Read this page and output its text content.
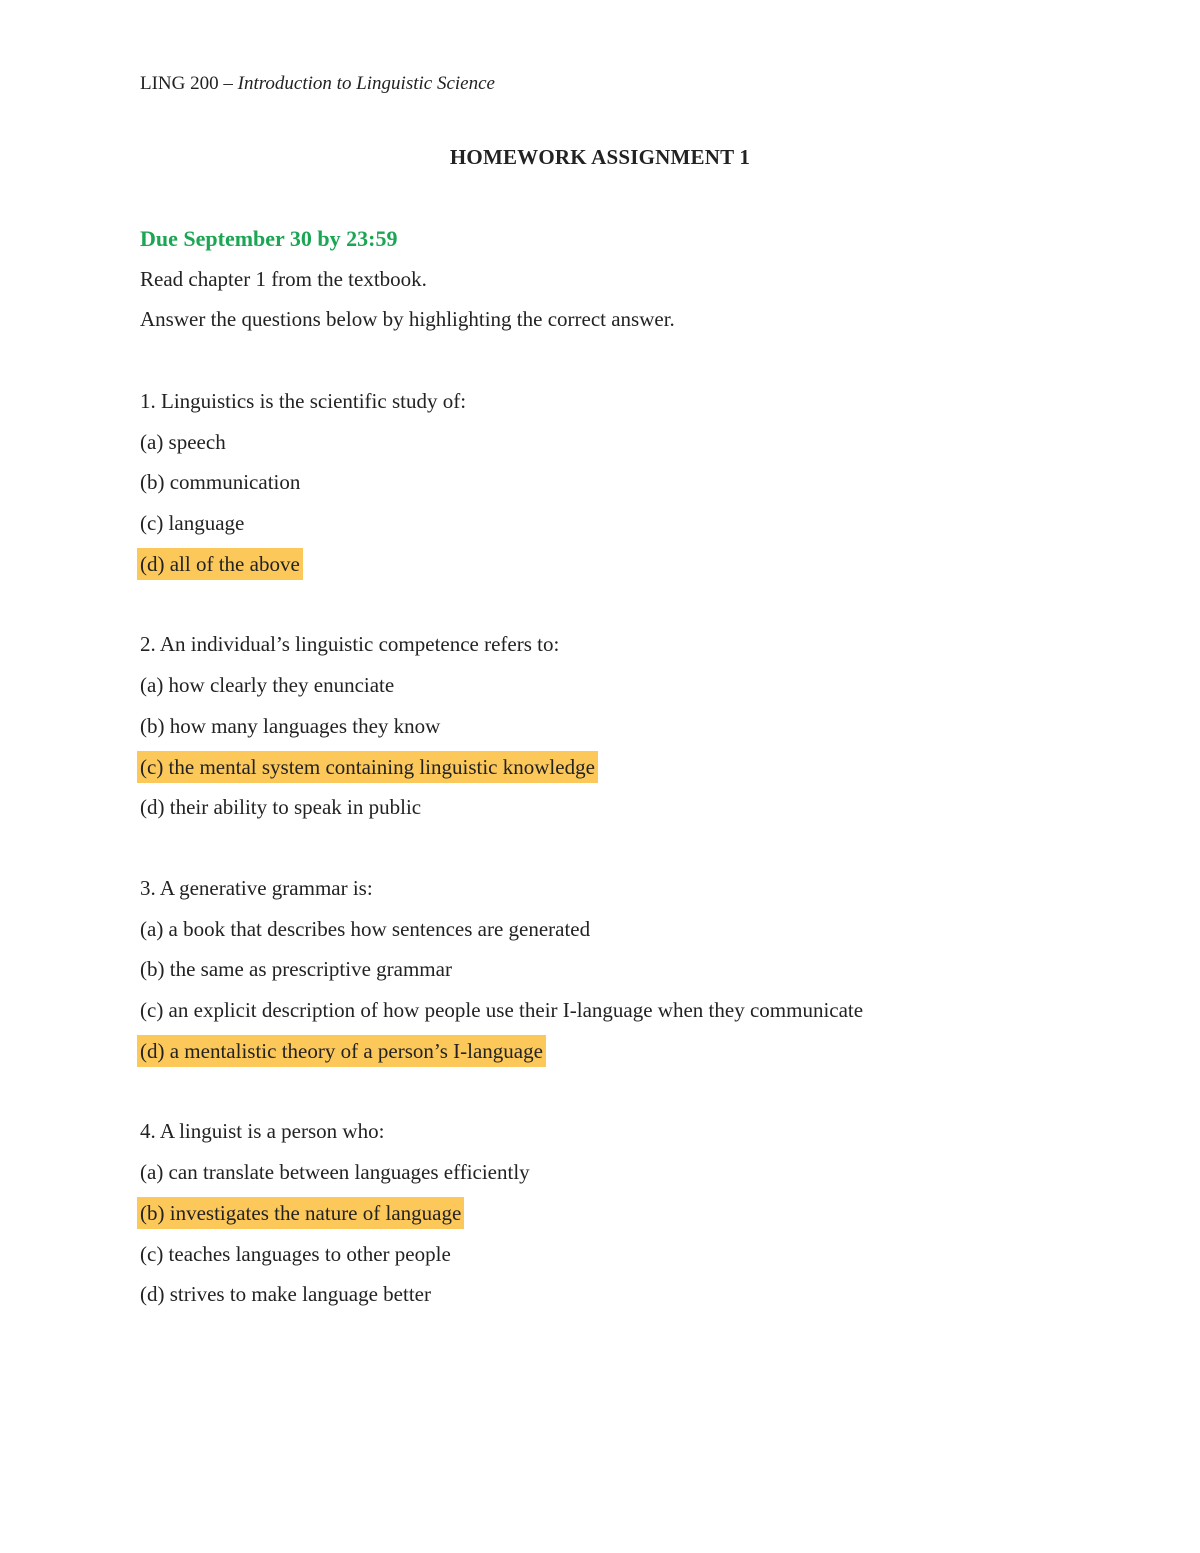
LING 200 – Introduction to Linguistic Science
HOMEWORK ASSIGNMENT 1
Due September 30 by 23:59
Read chapter 1 from the textbook.
Answer the questions below by highlighting the correct answer.
1. Linguistics is the scientific study of:
(a) speech
(b) communication
(c) language
(d) all of the above
2. An individual’s linguistic competence refers to:
(a) how clearly they enunciate
(b) how many languages they know
(c) the mental system containing linguistic knowledge
(d) their ability to speak in public
3. A generative grammar is:
(a) a book that describes how sentences are generated
(b) the same as prescriptive grammar
(c) an explicit description of how people use their I-language when they communicate
(d) a mentalistic theory of a person’s I-language
4. A linguist is a person who:
(a) can translate between languages efficiently
(b) investigates the nature of language
(c) teaches languages to other people
(d) strives to make language better
